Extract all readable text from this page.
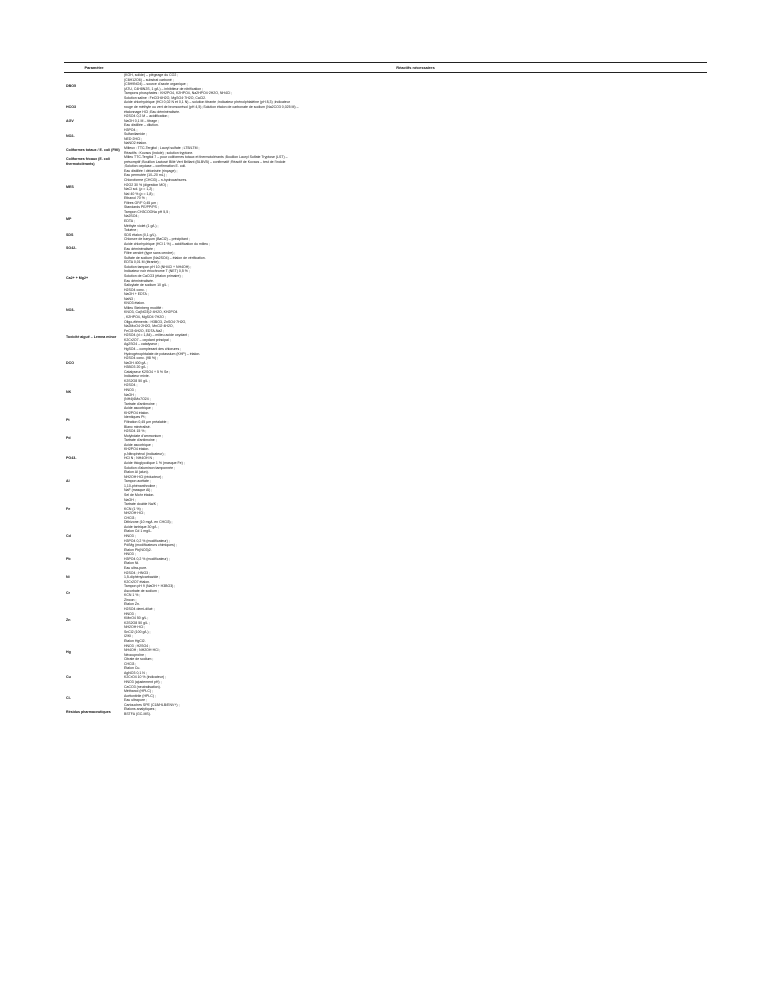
Paramètre	Réactifs nécessaires
DBO5
(KOH, solide) – piégeage du CO2 ;
(C6H12O6) – substrat carboné ;
(C5H9NO4) – source d’azote organique ;
(ATU, C4H8N2S, 1 g/L) – inhibiteur de nitrification ;
Tampons phosphates : KH2PO4, K2HPO4, Na2HPO4·2H2O, NH4Cl ;
Solution saline : FeCl3·6H2O, MgSO4·7H2O, CaCl2.
HCO3
Acide chlorhydrique (HCl 0,02 N et 0,1 N) – solution titrante ;Indicateur phénolphtaléine (pH 8,3) ;Indicateur
rouge de méthyle ou vert de bromocrésol (pH 4,5) ;Solution étalon de carbonate de sodium (Na2CO3 0,025 M) –
étalonnage HCl ;Eau déminéralisée.
AGV
H2SO4 0,2 M – acidification ;
NaOH 0,1 M – titrage ;
Eau distillée – dilution.
NO2-
H3PO4 ;
Sulfanilamide ;
NED·2HCl ;
NaNO2 étalon.
Coliformes totaux / E. coli (FMI)
Milieux : TTC-Tergitol ; Lauryl sulfate ; LTB/LTM ;
Réactifs : Kovacs (indole) ; solution tryptone.
Coliformes fécaux (E. coli thermotolérants)
Milieu TTC-Tergitol 7 – pour coliformes totaux et thermotolérants ;Bouillon Lauryl Sulfate Tryptose (LST) –
présomptif ;Bouillon Lactosé Bilié Vert Brillant (BLBVB) – confirmatif ;Réactif de Kovacs – test de l’indole
;Solution oxydase – confirmation E. coli.
MES
Eau distillée / déionisée (rinçage) ;
Eau permutée (10–20 mL) ;
Chloroforme (CHCl3) – n-hydrocarbures.
H2O2 30 % (digestion MO) ;
NaCl sol. (ρ = 1,2) ;
NaI 40 % (ρ = 1,8) ;
Ethanol 70 % ;
Filtres GF/F 0,45 µm ;
MP
Standards PE/PP/PS ;
Tampon CH3COONa pH 5,5 ;
Na2SO4 ;
EDTA ;
Méthyle violet (1 g/L) ;
Toluène ;
SDS	SDS étalon (0,1 g/L).
SO42-
Chlorure de baryum (BaCl2) – précipitant ;
Acide chlorhydrique (HCl 1 %) – acidification du milieu ;
Eau déminéralisée ;
Filtre cendré (type sans cendre) ;
Sulfate de sodium (Na2SO4) – étalon de vérification.
Ca2+ + Mg2+
EDTA 0,01 M (titrante) ;
Solution tampon pH 10 (NH4Cl + NH4OH) ;
Indicateur noir ériochrome T (NET) 0,5 % ;
Solution de CaCO3 (étalon primaire) ;
Eau déminéralisée.
Salicylate de sodium 10 g/L ;
H2SO4 conc. ;
NaOH + EDTA ;
NO3-
NaN3 ;
KNO3 étalon.
Milieu Steinberg modifié :
KNO3, Ca(NO3)2·4H2O, KH2PO4
, K2HPO4, MgSO4·7H2O ;
Oligo-éléments : H3BO3, ZnSO4·7H2O,
Toxicité aiguë – Lemna minor
Na2MoO4·2H2O, MnCl2·4H2O,
FeCl3·6H2O, EDTA-Na2 ;
H2SO4 (d = 1,84) – milieu acide oxydant ;
K2Cr2O7 – oxydant principal ;
Ag2SO4 – catalyseur ;
HgSO4 – complexant des chlorures ;
DCO
Hydrogénophtalate de potassium (KHP) – étalon.
H2SO4 conc. (98 %) ;
NaOH 400 g/L ;
H3BO3 20 g/L ;
Catalyseur K2SO4 + 5 % Se ;
NK
Indicateur mixte.
K2S2O8 50 g/L ;
H2SO4 ;
HNO3 ;
NaOH ;
(NH4)6Mo7O24 ;
Tartrate d’antimoine ;
Acide ascorbique ;
Pt
KH2PO4 étalon.
Identiques Pt ;
Filtration 0,45 µm préalable ;
Blanc minéralisé.
Pd
H2SO4 15 % ;
Molybdate d’ammonium ;
Tartrate d’antimoine ;
Acide ascorbique ;
PO43-
KH2PO4 étalon.
p-Nitrophénol (indicateur) ;
HCl N ; NH4OH N ;
Acide thioglycolique 1 % (masque Fe) ;
Solution d’aluminon tamponnée ;
Al
Étalon Al (alun).
NH2OH·HCl (réducteur) ;
Tampon acétate ;
1,10-phénanthroline ;
NaF (masque Al) ;
Fe
Sel de Mohr étalon.
NaOH ;
Tartrate double Na/K ;
KCN (1 %) ;
NH2OH·HCl ;
CHCl3 ;
Dithizone (10 mg/L en CHCl3) ;
Cd
Acide tartrique 30 g/L ;
Étalon Cd 1 mg/L.
HNO3 ;
H3PO4 0,2 % (modificateur) ;
Pd/Mg (modificateurs chimiques) ;
Pb
Étalon Pb(NO3)2.
HNO3 ;
H3PO4 0,2 % (modificateur) ;
Étalon Ni.
Eau ultra-pure.
Ni
H2SO4 ; HNO3 ;
1,5-diphénylcarbazide ;
K2Cr2O7 étalon.
Cr
Tampon pH 9 (NaOH + H3BO3) ;
Ascorbate de sodium ;
KCN 1 % ;
Zincon ;
Zn
Étalon Zn.
H2SO4 demi-dilué ;
HNO3 ;
KMnO4 50 g/L ;
K2S2O8 50 g/L ;
NH2OH·HCl ;
SnCl2 (100 g/L) ;
I2/KI ;
Hg
Étalon HgCl2.
HNO3 ; H2SO4 ;
NH4OH ; NH2OH·HCl ;
Néocuproïne ;
Citrate de sodium ;
CHCl3 ;
Cu
Étalon Cu.
AgNO3 0,1 N ;
K2CrO4 10 % (indicateur) ;
HNO3 (ajustement pH) ;
CaCO3 (neutralisation).
Cl-
Méthanol (HPLC) ;
Acétonitrile (HPLC) ;
Eau ultrapure ;
Cartouches SPE (C18/HLB/ENV+) ;
Résidus pharmaceutiques
Étalons analytiques ;
BSTFA (GC-MS).
